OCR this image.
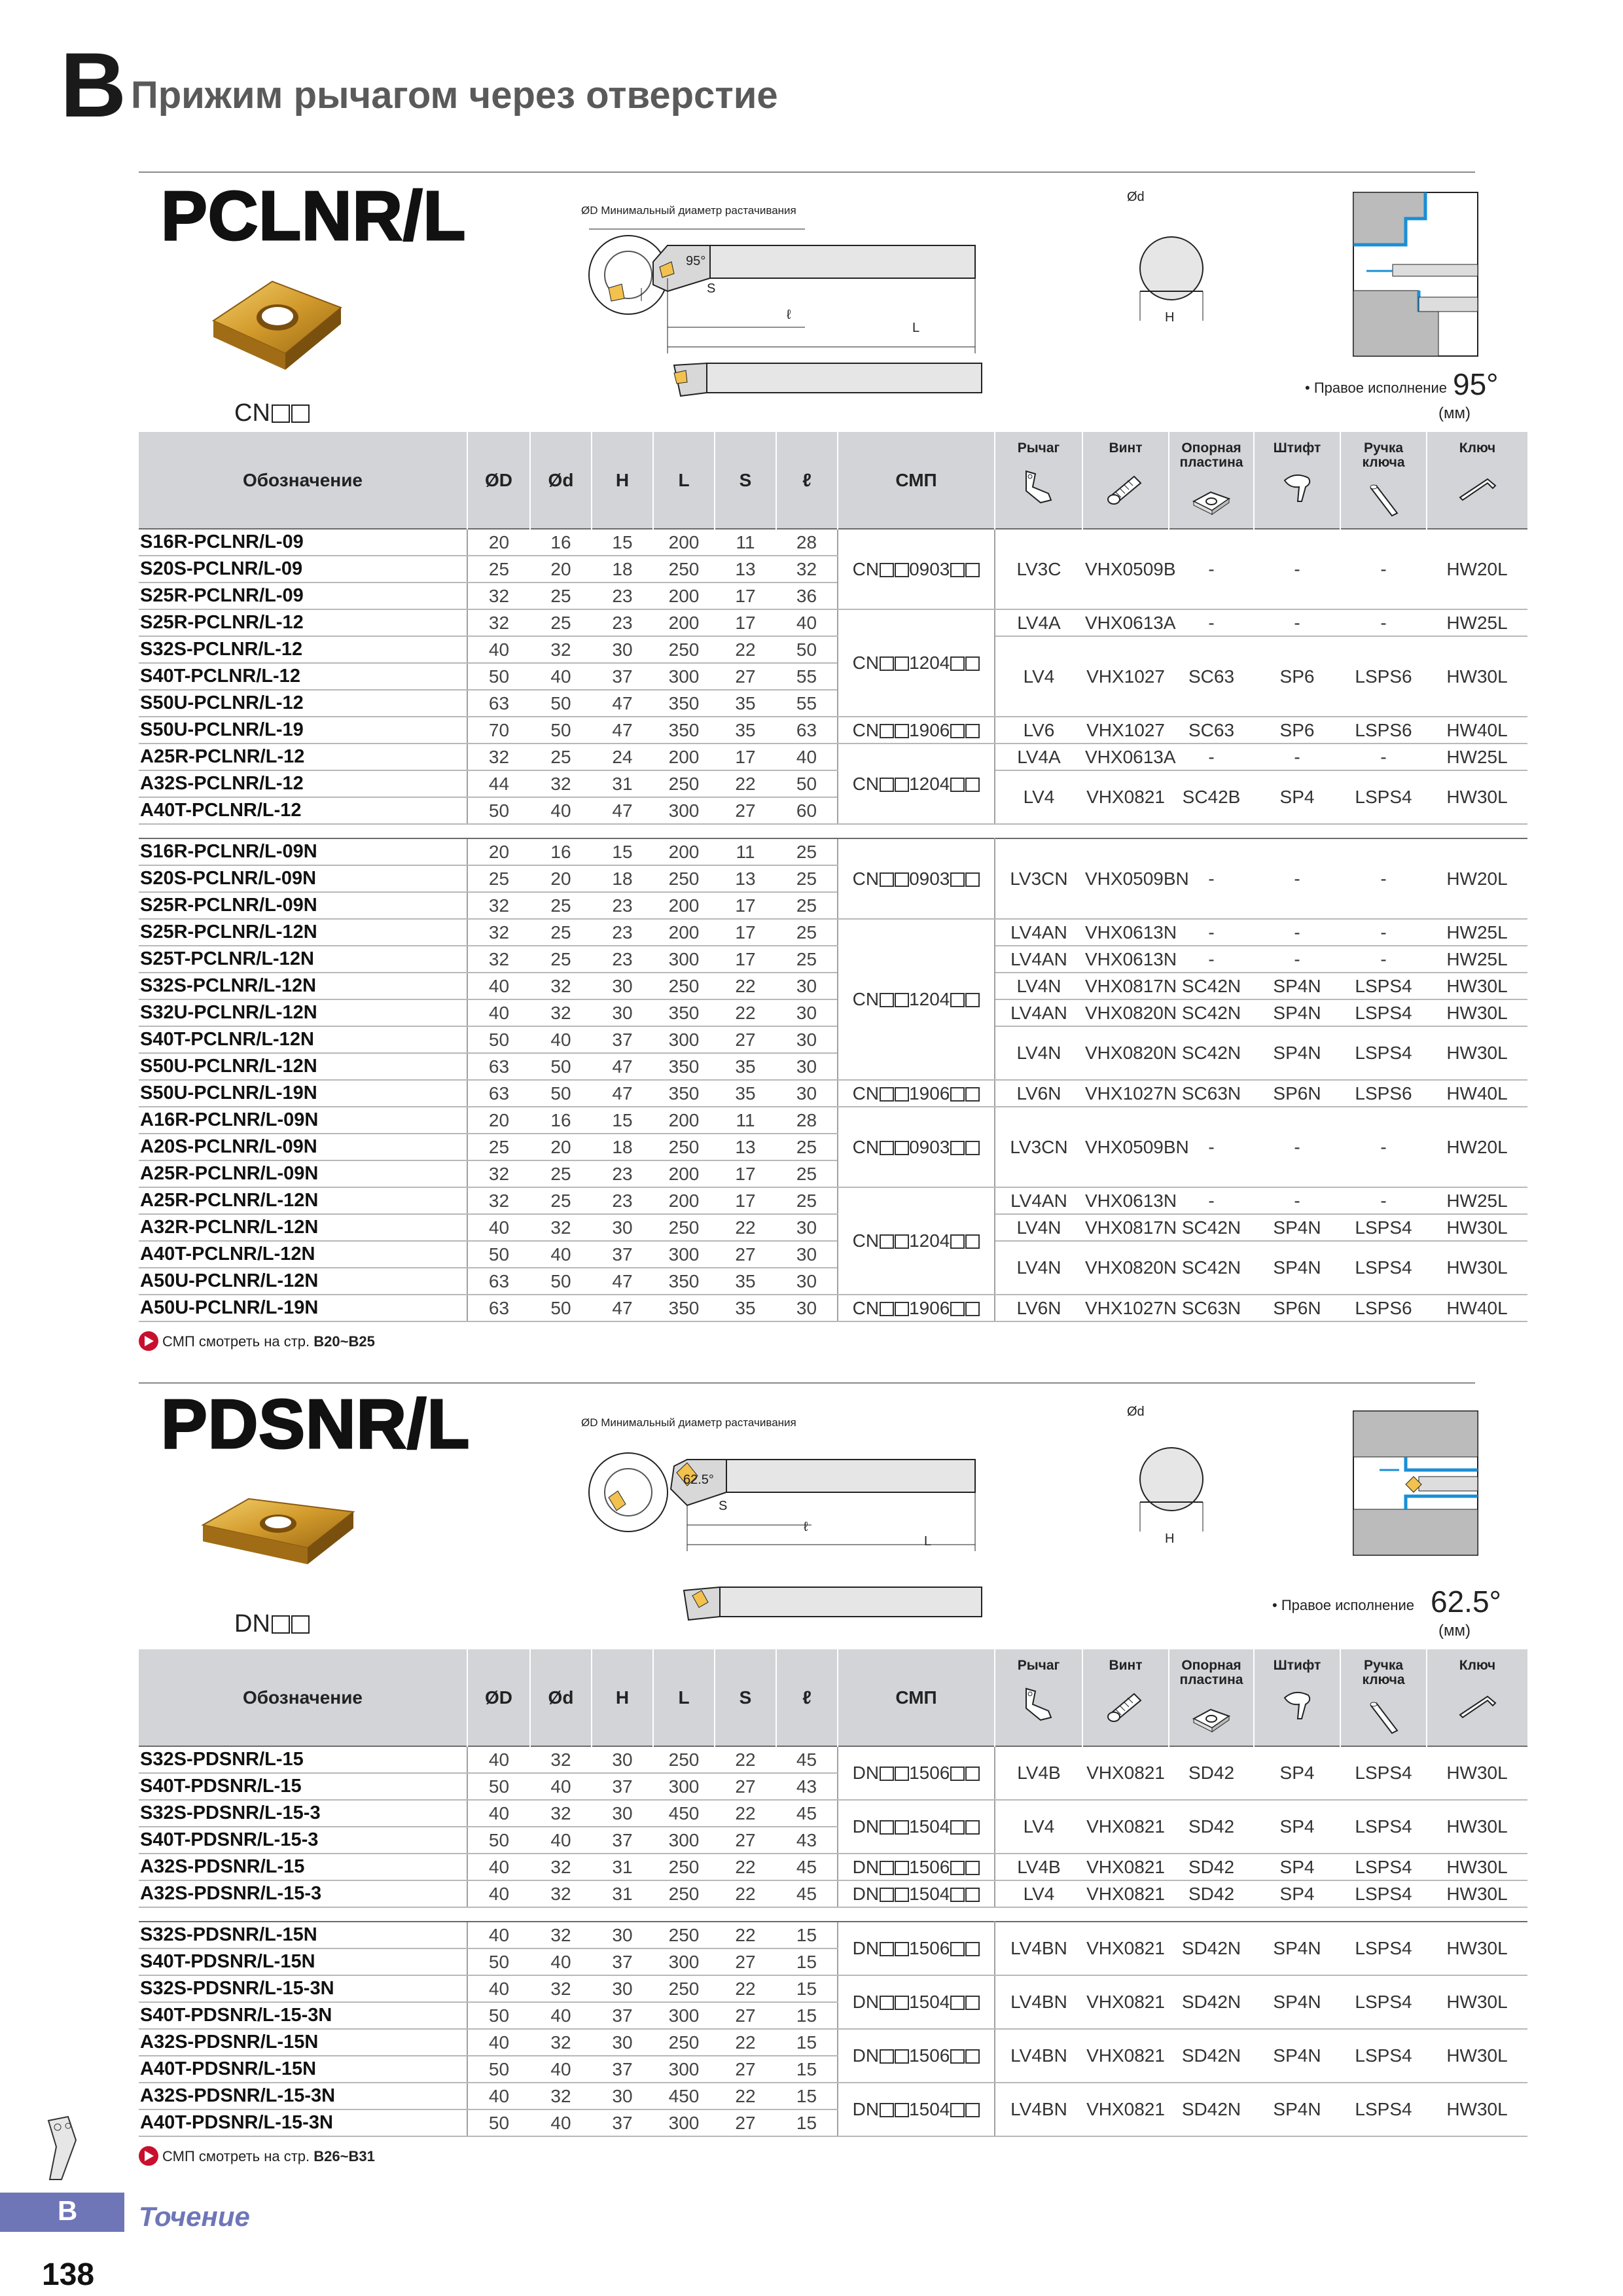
B Прижим рычагом через отверстие
PCLNR/L
CN
ØD Минимальный диаметр растачивания
95°
S
ℓ
L
Ød
H
• Правое исполнение 95°
(мм)
Обозначение	ØD	Ød	H	L	S	ℓ	СМП	Рычаг	Винт	Опорная пластина	Штифт	Ручка ключа	Ключ

S16R-PCLNR/L-09	20	16	15	200	11	28	CN 0903	LV3C	VHX0509B	-	-	-	HW20L
S20S-PCLNR/L-09	25	20	18	250	13	32							
S25R-PCLNR/L-09	32	25	23	200	17	36							
S25R-PCLNR/L-12	32	25	23	200	17	40	CN 1204	LV4A	VHX0613A	-	-	-	HW25L
S32S-PCLNR/L-12	40	32	30	250	22	50		LV4	VHX1027	SC63	SP6	LSPS6	HW30L
S40T-PCLNR/L-12	50	40	37	300	27	55							
S50U-PCLNR/L-12	63	50	47	350	35	55							
S50U-PCLNR/L-19	70	50	47	350	35	63	CN 1906	LV6	VHX1027	SC63	SP6	LSPS6	HW40L
A25R-PCLNR/L-12	32	25	24	200	17	40	CN 1204	LV4A	VHX0613A	-	-	-	HW25L
A32S-PCLNR/L-12	44	32	31	250	22	50		LV4	VHX0821	SC42B	SP4	LSPS4	HW30L
A40T-PCLNR/L-12	50	40	47	300	27	60							

S16R-PCLNR/L-09N	20	16	15	200	11	25	CN 0903	LV3CN	VHX0509BN	-	-	-	HW20L
S20S-PCLNR/L-09N	25	20	18	250	13	25							
S25R-PCLNR/L-09N	32	25	23	200	17	25							
S25R-PCLNR/L-12N	32	25	23	200	17	25	CN 1204	LV4AN	VHX0613N	-	-	-	HW25L
S25T-PCLNR/L-12N	32	25	23	300	17	25		LV4AN	VHX0613N	-	-	-	HW25L
S32S-PCLNR/L-12N	40	32	30	250	22	30		LV4N	VHX0817N	SC42N	SP4N	LSPS4	HW30L
S32U-PCLNR/L-12N	40	32	30	350	22	30		LV4AN	VHX0820N	SC42N	SP4N	LSPS4	HW30L
S40T-PCLNR/L-12N	50	40	37	300	27	30		LV4N	VHX0820N	SC42N	SP4N	LSPS4	HW30L
S50U-PCLNR/L-12N	63	50	47	350	35	30							
S50U-PCLNR/L-19N	63	50	47	350	35	30	CN 1906	LV6N	VHX1027N	SC63N	SP6N	LSPS6	HW40L
A16R-PCLNR/L-09N	20	16	15	200	11	28	CN 0903	LV3CN	VHX0509BN	-	-	-	HW20L
A20S-PCLNR/L-09N	25	20	18	250	13	25							
A25R-PCLNR/L-09N	32	25	23	200	17	25							
A25R-PCLNR/L-12N	32	25	23	200	17	25	CN 1204	LV4AN	VHX0613N	-	-	-	HW25L
A32R-PCLNR/L-12N	40	32	30	250	22	30		LV4N	VHX0817N	SC42N	SP4N	LSPS4	HW30L
A40T-PCLNR/L-12N	50	40	37	300	27	30		LV4N	VHX0820N	SC42N	SP4N	LSPS4	HW30L
A50U-PCLNR/L-12N	63	50	47	350	35	30							
A50U-PCLNR/L-19N	63	50	47	350	35	30	CN 1906	LV6N	VHX1027N	SC63N	SP6N	LSPS6	HW40L
СМП смотреть на стр. B20~B25
PDSNR/L
DN
ØD Минимальный диаметр растачивания
62.5°
S
ℓ
L
Ød
H
• Правое исполнение 62.5°
(мм)
Обозначение	ØD	Ød	H	L	S	ℓ	СМП	Рычаг	Винт	Опорная пластина	Штифт	Ручка ключа	Ключ

S32S-PDSNR/L-15	40	32	30	250	22	45	DN 1506	LV4B	VHX0821	SD42	SP4	LSPS4	HW30L
S40T-PDSNR/L-15	50	40	37	300	27	43							
S32S-PDSNR/L-15-3	40	32	30	450	22	45	DN 1504	LV4	VHX0821	SD42	SP4	LSPS4	HW30L
S40T-PDSNR/L-15-3	50	40	37	300	27	43							
A32S-PDSNR/L-15	40	32	31	250	22	45	DN 1506	LV4B	VHX0821	SD42	SP4	LSPS4	HW30L
A32S-PDSNR/L-15-3	40	32	31	250	22	45	DN 1504	LV4	VHX0821	SD42	SP4	LSPS4	HW30L

S32S-PDSNR/L-15N	40	32	30	250	22	15	DN 1506	LV4BN	VHX0821	SD42N	SP4N	LSPS4	HW30L
S40T-PDSNR/L-15N	50	40	37	300	27	15							
S32S-PDSNR/L-15-3N	40	32	30	250	22	15	DN 1504	LV4BN	VHX0821	SD42N	SP4N	LSPS4	HW30L
S40T-PDSNR/L-15-3N	50	40	37	300	27	15							
A32S-PDSNR/L-15N	40	32	30	250	22	15	DN 1506	LV4BN	VHX0821	SD42N	SP4N	LSPS4	HW30L
A40T-PDSNR/L-15N	50	40	37	300	27	15							
A32S-PDSNR/L-15-3N	40	32	30	450	22	15	DN 1504	LV4BN	VHX0821	SD42N	SP4N	LSPS4	HW30L
A40T-PDSNR/L-15-3N	50	40	37	300	27	15							
СМП смотреть на стр. B26~B31
B Точение
138
